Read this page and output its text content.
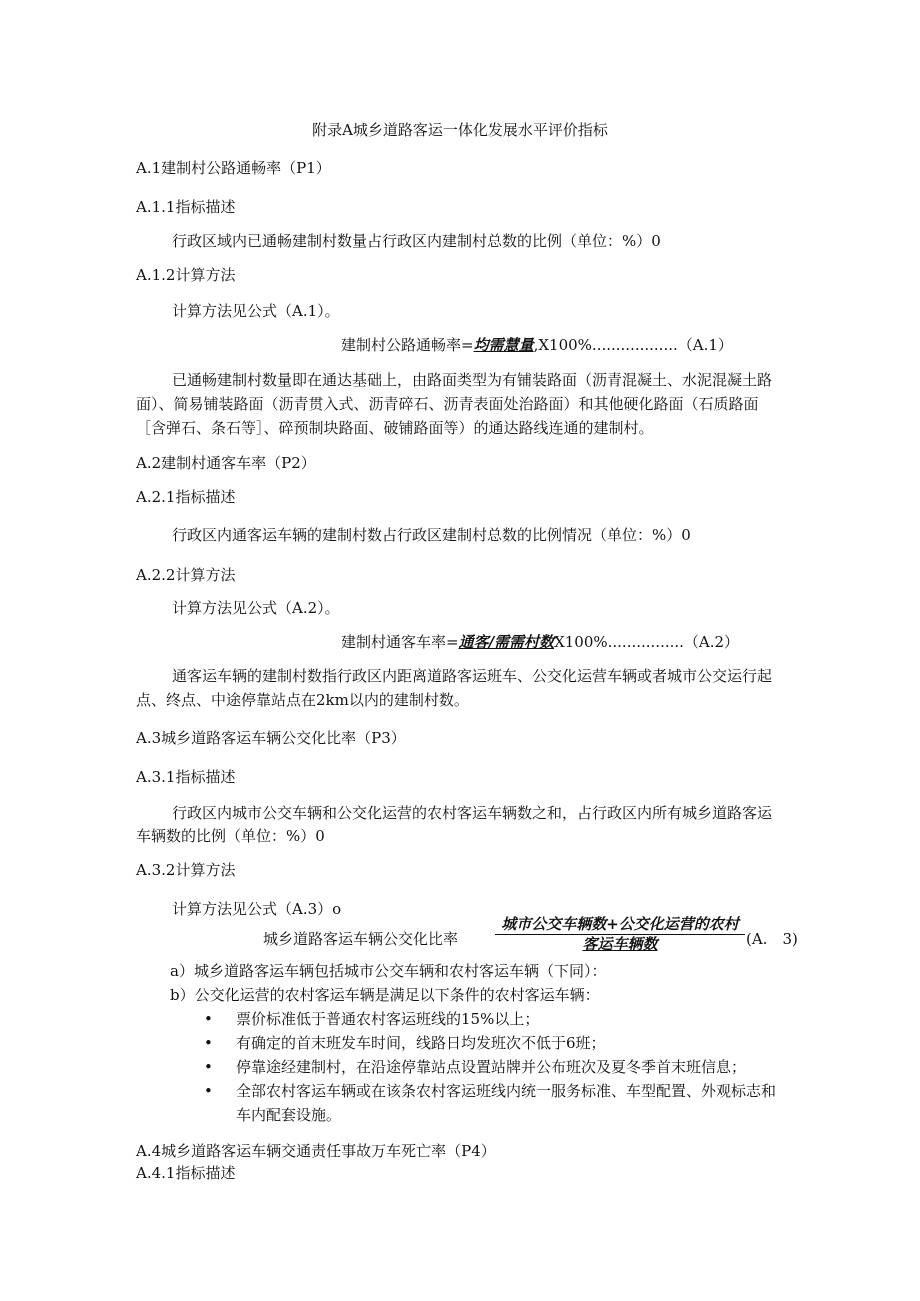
附录A城乡道路客运一体化发展水平评价指标
A.1建制村公路通畅率（P1）
A.1.1指标描述
行政区域内已通畅建制村数量占行政区内建制村总数的比例（单位：%）0
A.1.2计算方法
计算方法见公式（A.1）。
建制村公路通畅率=均需慧量,X100%..................（A.1）
已通畅建制村数量即在通达基础上，由路面类型为有铺装路面（沥青混凝土、水泥混凝土路
面）、简易铺装路面（沥青贯入式、沥青碎石、沥青表面处治路面）和其他硬化路面（石质路面
［含弹石、条石等］、碎预制块路面、破铺路面等）的通达路线连通的建制村。
A.2建制村通客车率（P2）
A.2.1指标描述
行政区内通客运车辆的建制村数占行政区建制村总数的比例情况（单位：%）0
A.2.2计算方法
计算方法见公式（A.2）。
建制村通客车率=通客/需需村数X100%................（A.2）
通客运车辆的建制村数指行政区内距离道路客运班车、公交化运营车辆或者城市公交运行起
点、终点、中途停靠站点在2km以内的建制村数。
A.3城乡道路客运车辆公交化比率（P3）
A.3.1指标描述
行政区内城市公交车辆和公交化运营的农村客运车辆数之和，占行政区内所有城乡道路客运
车辆数的比例（单位：%）0
A.3.2计算方法
计算方法见公式（A.3）o
城乡道路客运车辆公交化比率
城市公交车辆数+公交化运营的农村
客运车辆数	(A.　3)
a）城乡道路客运车辆包括城市公交车辆和农村客运车辆（下同）：
b）公交化运营的农村客运车辆是满足以下条件的农村客运车辆：
• 票价标准低于普通农村客运班线的15%以上；
• 有确定的首末班发车时间，线路日均发班次不低于6班；
• 停靠途经建制村，在沿途停靠站点设置站牌并公布班次及夏冬季首末班信息；
• 全部农村客运车辆或在该条农村客运班线内统一服务标准、车型配置、外观标志和车内配套设施。
A.4城乡道路客运车辆交通责任事故万车死亡率（P4）
A.4.1指标描述
